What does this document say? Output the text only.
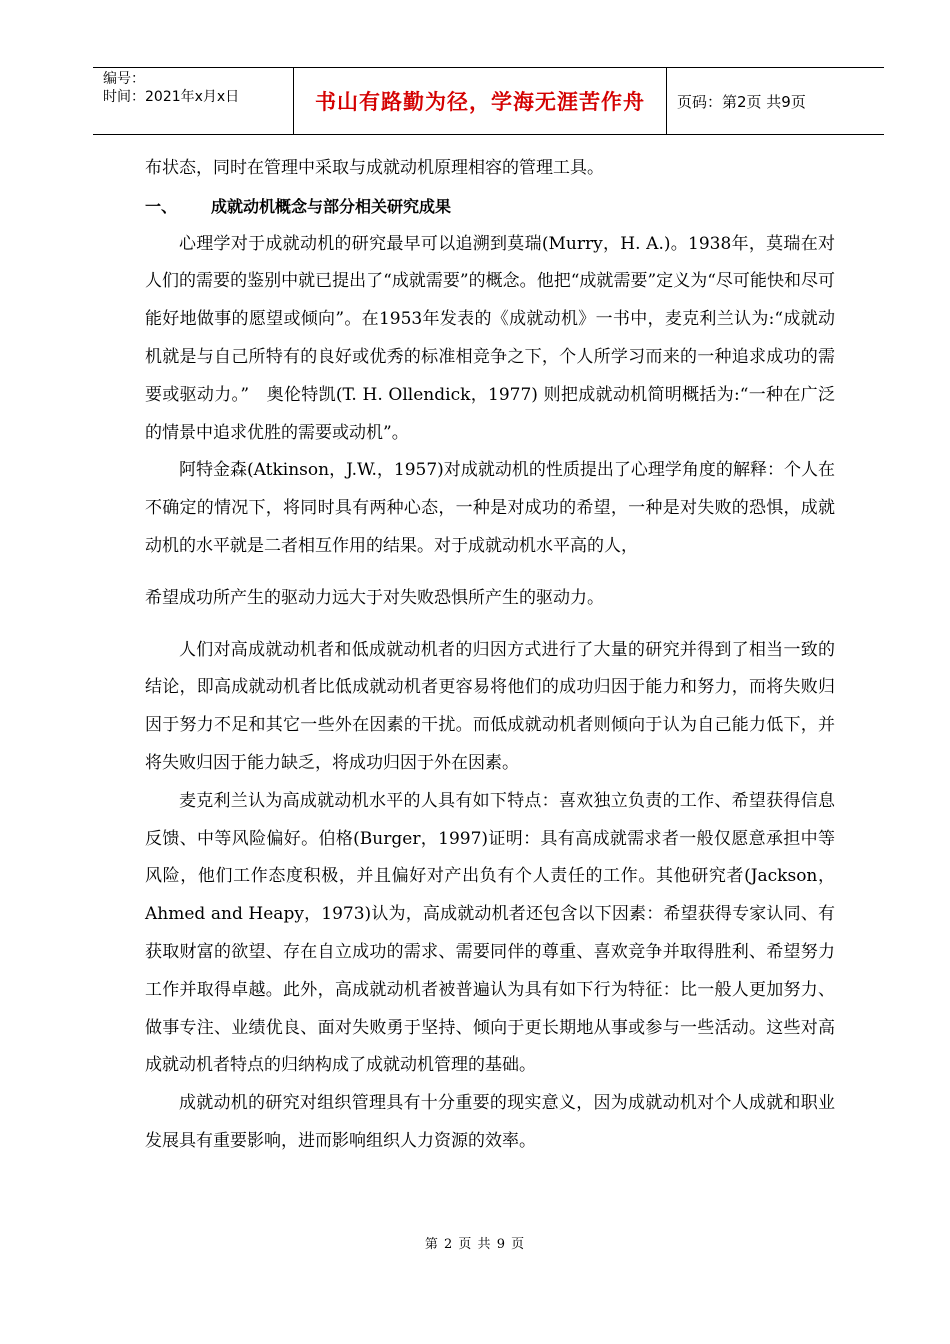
编号：
时间：2021年x月x日	书山有路勤为径，学海无涯苦作舟	页码：第2页 共9页

布状态，同时在管理中采取与成就动机原理相容的管理工具。

一、 成就动机概念与部分相关研究成果

心理学对于成就动机的研究最早可以追溯到莫瑞(Murry，H. A.)。1938年，莫瑞在对人们的需要的鉴别中就已提出了“成就需要”的概念。他把“成就需要”定义为“尽可能快和尽可能好地做事的愿望或倾向”。在1953年发表的《成就动机》一书中，麦克利兰认为:“成就动机就是与自己所特有的良好或优秀的标准相竞争之下，个人所学习而来的一种追求成功的需要或驱动力。”　奥伦特凯(T. H. Ollendick，1977) 则把成就动机简明概括为:“一种在广泛的情景中追求优胜的需要或动机”。

阿特金森(Atkinson，J.W.，1957)对成就动机的性质提出了心理学角度的解释：个人在不确定的情况下，将同时具有两种心态，一种是对成功的希望，一种是对失败的恐惧，成就动机的水平就是二者相互作用的结果。对于成就动机水平高的人，

希望成功所产生的驱动力远大于对失败恐惧所产生的驱动力。

人们对高成就动机者和低成就动机者的归因方式进行了大量的研究并得到了相当一致的结论，即高成就动机者比低成就动机者更容易将他们的成功归因于能力和努力，而将失败归因于努力不足和其它一些外在因素的干扰。而低成就动机者则倾向于认为自己能力低下，并将失败归因于能力缺乏，将成功归因于外在因素。

麦克利兰认为高成就动机水平的人具有如下特点：喜欢独立负责的工作、希望获得信息反馈、中等风险偏好。伯格(Burger，1997)证明：具有高成就需求者一般仅愿意承担中等风险，他们工作态度积极，并且偏好对产出负有个人责任的工作。其他研究者(Jackson，Ahmed and Heapy，1973)认为，高成就动机者还包含以下因素：希望获得专家认同、有获取财富的欲望、存在自立成功的需求、需要同伴的尊重、喜欢竞争并取得胜利、希望努力工作并取得卓越。此外，高成就动机者被普遍认为具有如下行为特征：比一般人更加努力、做事专注、业绩优良、面对失败勇于坚持、倾向于更长期地从事或参与一些活动。这些对高成就动机者特点的归纳构成了成就动机管理的基础。

成就动机的研究对组织管理具有十分重要的现实意义，因为成就动机对个人成就和职业发展具有重要影响，进而影响组织人力资源的效率。

第 2 页 共 9 页
